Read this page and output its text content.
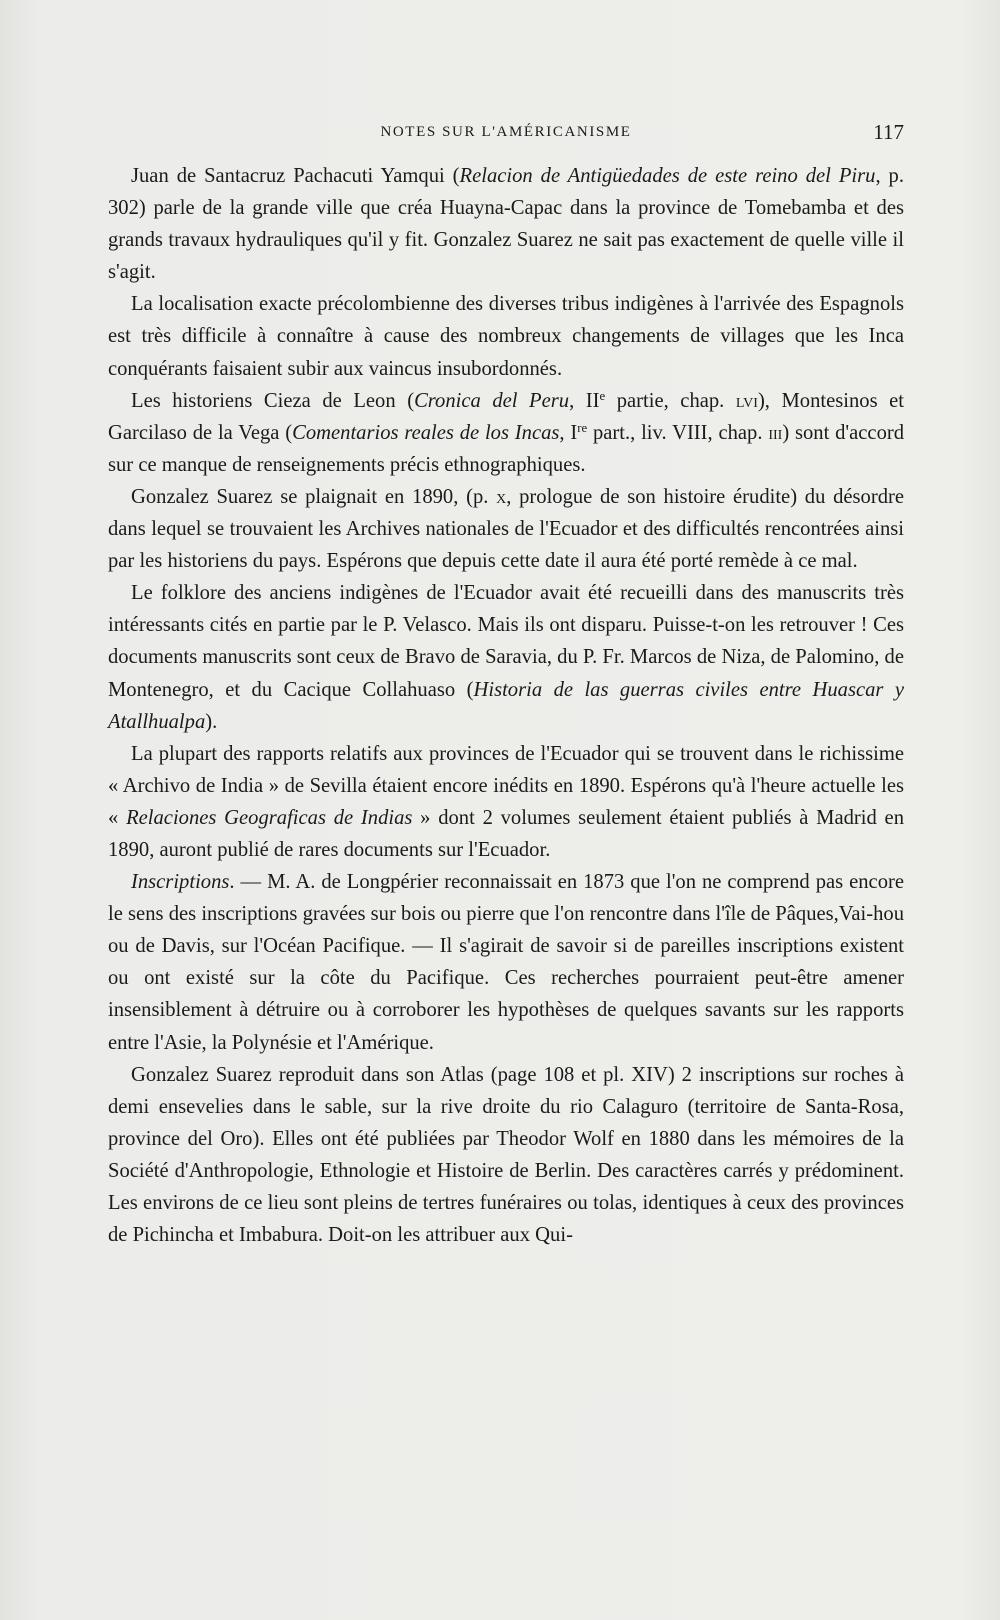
NOTES SUR L'AMÉRICANISME	117

Juan de Santacruz Pachacuti Yamqui (Relacion de Antigüedades de este reino del Piru, p. 302) parle de la grande ville que créa Huayna-Capac dans la province de Tomebamba et des grands travaux hydrauliques qu'il y fit. Gonzalez Suarez ne sait pas exactement de quelle ville il s'agit.

La localisation exacte précolombienne des diverses tribus indigènes à l'arrivée des Espagnols est très difficile à connaître à cause des nombreux changements de villages que les Inca conquérants faisaient subir aux vaincus insubordonnés.

Les historiens Cieza de Leon (Cronica del Peru, IIe partie, chap. lvi), Montesinos et Garcilaso de la Vega (Comentarios reales de los Incas, Ire part., liv. VIII, chap. iii) sont d'accord sur ce manque de renseignements précis ethnographiques.

Gonzalez Suarez se plaignait en 1890, (p. x, prologue de son histoire érudite) du désordre dans lequel se trouvaient les Archives nationales de l'Ecuador et des difficultés rencontrées ainsi par les historiens du pays. Espérons que depuis cette date il aura été porté remède à ce mal.

Le folklore des anciens indigènes de l'Ecuador avait été recueilli dans des manuscrits très intéressants cités en partie par le P. Velasco. Mais ils ont disparu. Puisse-t-on les retrouver ! Ces documents manuscrits sont ceux de Bravo de Saravia, du P. Fr. Marcos de Niza, de Palomino, de Montenegro, et du Cacique Collahuaso (Historia de las guerras civiles entre Huascar y Atallhualpa).

La plupart des rapports relatifs aux provinces de l'Ecuador qui se trouvent dans le richissime « Archivo de India » de Sevilla étaient encore inédits en 1890. Espérons qu'à l'heure actuelle les « Relaciones Geograficas de Indias » dont 2 volumes seulement étaient publiés à Madrid en 1890, auront publié de rares documents sur l'Ecuador.

Inscriptions. — M. A. de Longpérier reconnaissait en 1873 que l'on ne comprend pas encore le sens des inscriptions gravées sur bois ou pierre que l'on rencontre dans l'île de Pâques,Vai-hou ou de Davis, sur l'Océan Pacifique. — Il s'agirait de savoir si de pareilles inscriptions existent ou ont existé sur la côte du Pacifique. Ces recherches pourraient peut-être amener insensiblement à détruire ou à corroborer les hypothèses de quelques savants sur les rapports entre l'Asie, la Polynésie et l'Amérique.

Gonzalez Suarez reproduit dans son Atlas (page 108 et pl. XIV) 2 inscriptions sur roches à demi ensevelies dans le sable, sur la rive droite du rio Calaguro (territoire de Santa-Rosa, province del Oro). Elles ont été publiées par Theodor Wolf en 1880 dans les mémoires de la Société d'Anthropologie, Ethnologie et Histoire de Berlin. Des caractères carrés y prédominent. Les environs de ce lieu sont pleins de tertres funéraires ou tolas, identiques à ceux des provinces de Pichincha et Imbabura. Doit-on les attribuer aux Qui-
